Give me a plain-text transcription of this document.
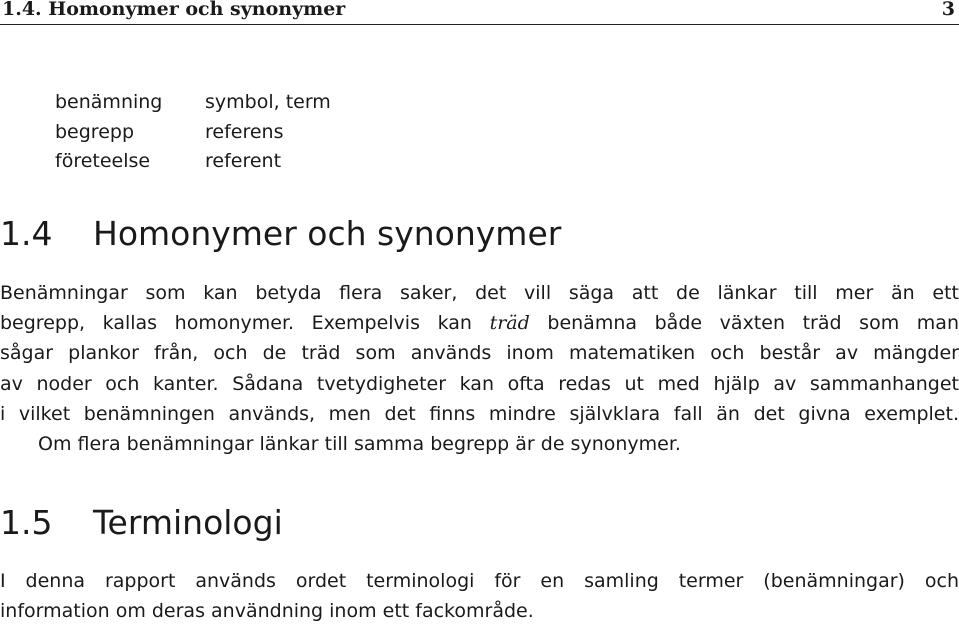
1.4. Homonymer och synonymer	3
benämning	symbol, term
begrepp	referens
företeelse	referent
1.4 Homonymer och synonymer
Benämningar som kan betyda flera saker, det vill säga att de länkar till mer än ett
begrepp, kallas homonymer. Exempelvis kan träd benämna både växten träd som man
sågar plankor från, och de träd som används inom matematiken och består av mängder
av noder och kanter. Sådana tvetydigheter kan ofta redas ut med hjälp av sammanhanget
i vilket benämningen används, men det finns mindre självklara fall än det givna exemplet.
Om flera benämningar länkar till samma begrepp är de synonymer.
1.5 Terminologi
I denna rapport används ordet terminologi för en samling termer (benämningar) och
information om deras användning inom ett fackområde.
